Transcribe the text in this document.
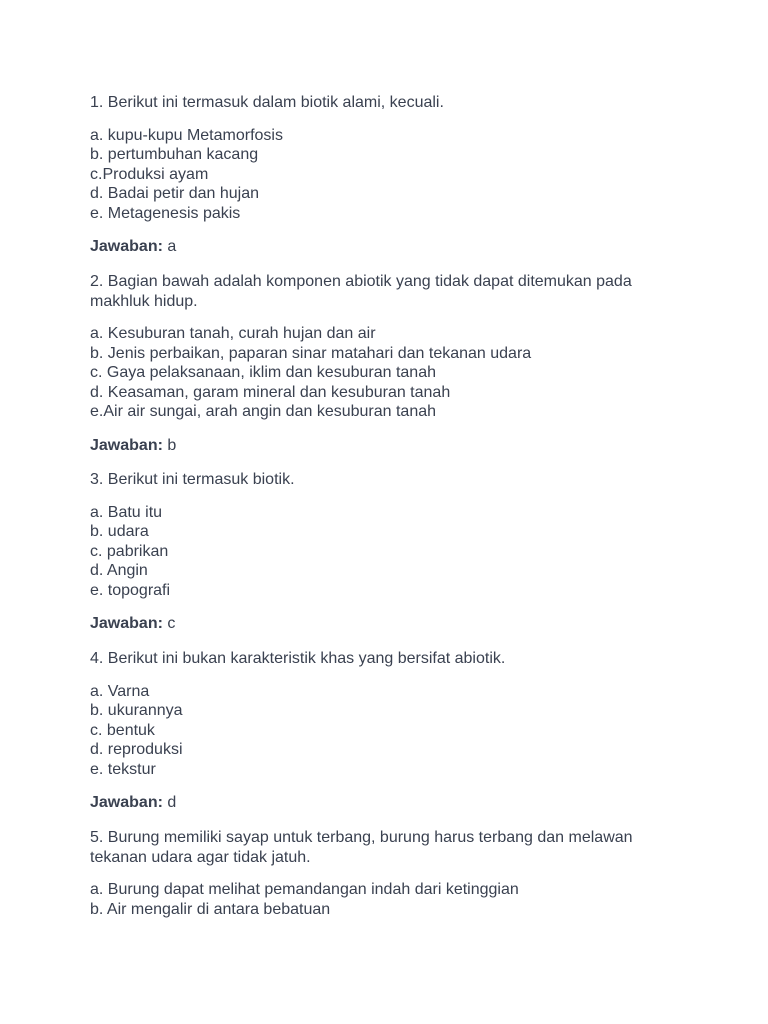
1. Berikut ini termasuk dalam biotik alami, kecuali.

a. kupu-kupu Metamorfosis

b. pertumbuhan kacang

c.Produksi ayam

d. Badai petir dan hujan

e. Metagenesis pakis

Jawaban: a

2. Bagian bawah adalah komponen abiotik yang tidak dapat ditemukan pada makhluk hidup.

a. Kesuburan tanah, curah hujan dan air

b. Jenis perbaikan, paparan sinar matahari dan tekanan udara

c. Gaya pelaksanaan, iklim dan kesuburan tanah

d. Keasaman, garam mineral dan kesuburan tanah

e.Air air sungai, arah angin dan kesuburan tanah

Jawaban: b

3. Berikut ini termasuk biotik.

a. Batu itu

b. udara

c. pabrikan

d. Angin

e. topografi

Jawaban: c

4. Berikut ini bukan karakteristik khas yang bersifat abiotik.

a. Varna

b. ukurannya

c. bentuk

d. reproduksi

e. tekstur

Jawaban: d

5. Burung memiliki sayap untuk terbang, burung harus terbang dan melawan tekanan udara agar tidak jatuh.

a. Burung dapat melihat pemandangan indah dari ketinggian

b. Air mengalir di antara bebatuan
